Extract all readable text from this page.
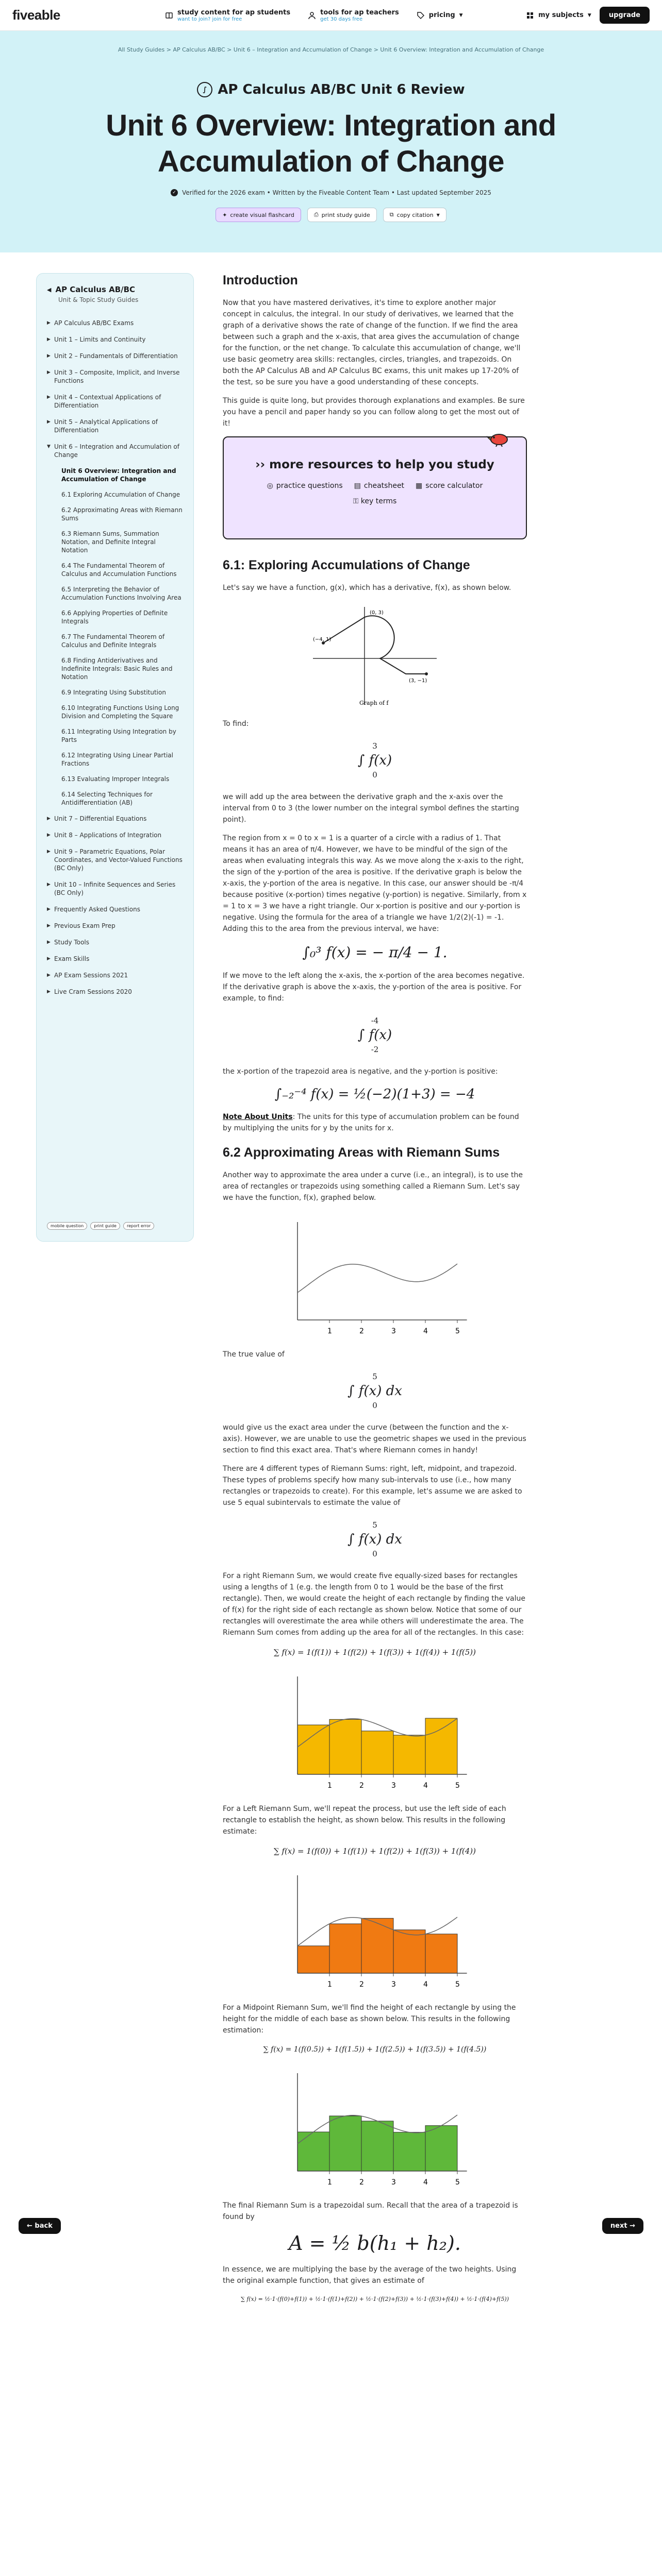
fiveable	study content for ap students
want to join? join for free
tools for ap teachers
get 30 days free	pricing ▼	my subjects ▼	upgrade
All Study Guides > AP Calculus AB/BC > Unit 6 – Integration and Accumulation of Change > Unit 6 Overview: Integration and Accumulation of Change
∫ AP Calculus AB/BC Unit 6 Review
Unit 6 Overview: Integration and
Accumulation of Change
✓ Verified for the 2026 exam • Written by the Fiveable Content Team • Last updated September 2025
✦ create visual flashcard	⎙ print study guide	⧉ copy citation ▼
◀ AP Calculus AB/BC
Unit & Topic Study Guides
▶ AP Calculus AB/BC Exams
▶ Unit 1 – Limits and Continuity
▶ Unit 2 – Fundamentals of Differentiation
▶ Unit 3 – Composite, Implicit, and Inverse Functions
▶ Unit 4 – Contextual Applications of Differentiation
▶ Unit 5 – Analytical Applications of Differentiation
▼ Unit 6 – Integration and Accumulation of Change
Unit 6 Overview: Integration and Accumulation of Change
6.1 Exploring Accumulation of Change
6.2 Approximating Areas with Riemann Sums
6.3 Riemann Sums, Summation Notation, and Definite Integral Notation
6.4 The Fundamental Theorem of Calculus and Accumulation Functions
6.5 Interpreting the Behavior of Accumulation Functions Involving Area
6.6 Applying Properties of Definite Integrals
6.7 The Fundamental Theorem of Calculus and Definite Integrals
6.8 Finding Antiderivatives and Indefinite Integrals: Basic Rules and Notation
6.9 Integrating Using Substitution
6.10 Integrating Functions Using Long Division and Completing the Square
6.11 Integrating Using Integration by Parts
6.12 Integrating Using Linear Partial Fractions
6.13 Evaluating Improper Integrals
6.14 Selecting Techniques for Antidifferentiation (AB)
▶ Unit 7 – Differential Equations
▶ Unit 8 – Applications of Integration
▶ Unit 9 – Parametric Equations, Polar Coordinates, and Vector-Valued Functions (BC Only)
▶ Unit 10 – Infinite Sequences and Series (BC Only)
▶ Frequently Asked Questions
▶ Previous Exam Prep
▶ Study Tools
▶ Exam Skills
▶ AP Exam Sessions 2021
▶ Live Cram Sessions 2020
mobile question	print guide	report error
Introduction

Now that you have mastered derivatives, it's time to explore another major concept in calculus, the integral. In our study of derivatives, we learned that the graph of a derivative shows the rate of change of the function. If we find the area between such a graph and the x-axis, that area gives the accumulation of change for the function, or the net change. To calculate this accumulation of change, we'll use basic geometry area skills: rectangles, circles, triangles, and trapezoids. On both the AP Calculus AB and AP Calculus BC exams, this unit makes up 17-20% of the test, so be sure you have a good understanding of these concepts.

This guide is quite long, but provides thorough explanations and examples. Be sure you have a pencil and paper handy so you can follow along to get the most out of it!

›› more resources to help you study
◎ practice questions ▤ cheatsheet ▦ score calculator
⚿ key terms
6.1: Exploring Accumulations of Change

Let's say we have a function, g(x), which has a derivative, f(x), as shown below.

(0, 3)
(−4, 1)
(3, −1)
Graph of f

To find:

3
∫ f(x)
0

we will add up the area between the derivative graph and the x-axis over the interval from 0 to 3 (the lower number on the integral symbol defines the starting point).

The region from x = 0 to x = 1 is a quarter of a circle with a radius of 1. That means it has an area of π/4. However, we have to be mindful of the sign of the areas when evaluating integrals this way. As we move along the x-axis to the right, the sign of the y-portion of the area is positive. If the derivative graph is below the x-axis, the y-portion of the area is negative. In this case, our answer should be -π/4 because positive (x-portion) times negative (y-portion) is negative. Similarly, from x = 1 to x = 3 we have a right triangle. Our x-portion is positive and our y-portion is negative. Using the formula for the area of a triangle we have 1/2(2)(-1) = -1. Adding this to the area from the previous interval, we have:

∫₀³ f(x) = − π/4 − 1.

If we move to the left along the x-axis, the x-portion of the area becomes negative. If the derivative graph is above the x-axis, the y-portion of the area is positive. For example, to find:

-4
∫ f(x)
-2

the x-portion of the trapezoid area is negative, and the y-portion is positive:

∫₋₂⁻⁴ f(x) = ½(−2)(1+3) = −4

Note About Units: The units for this type of accumulation problem can be found by multiplying the units for y by the units for x.

6.2 Approximating Areas with Riemann Sums

Another way to approximate the area under a curve (i.e., an integral), is to use the area of rectangles or trapezoids using something called a Riemann Sum. Let's say we have the function, f(x), graphed below.

1	2	3	4	5

The true value of

5
∫ f(x) dx
0

would give us the exact area under the curve (between the function and the x-axis). However, we are unable to use the geometric shapes we used in the previous section to find this exact area. That's where Riemann comes in handy!

There are 4 different types of Riemann Sums: right, left, midpoint, and trapezoid. These types of problems specify how many sub-intervals to use (i.e., how many rectangles or trapezoids to create). For this example, let's assume we are asked to use 5 equal subintervals to estimate the value of

5
∫ f(x) dx
0

For a right Riemann Sum, we would create five equally-sized bases for rectangles using a lengths of 1 (e.g. the length from 0 to 1 would be the base of the first rectangle). Then, we would create the height of each rectangle by finding the value of f(x) for the right side of each rectangle as shown below. Notice that some of our rectangles will overestimate the area while others will underestimate the area. The Riemann Sum comes from adding up the area for all of the rectangles. In this case:

∑ f(x) = 1(f(1)) + 1(f(2)) + 1(f(3)) + 1(f(4)) + 1(f(5))
1	2	3	4	5

For a Left Riemann Sum, we'll repeat the process, but use the left side of each rectangle to establish the height, as shown below. This results in the following estimate:

∑ f(x) = 1(f(0)) + 1(f(1)) + 1(f(2)) + 1(f(3)) + 1(f(4))
1	2	3	4	5

For a Midpoint Riemann Sum, we'll find the height of each rectangle by using the height for the middle of each base as shown below. This results in the following estimation:

∑ f(x) = 1(f(0.5)) + 1(f(1.5)) + 1(f(2.5)) + 1(f(3.5)) + 1(f(4.5))
1	2	3	4	5

The final Riemann Sum is a trapezoidal sum. Recall that the area of a trapezoid is found by

A = ½ b(h₁ + h₂).

In essence, we are multiplying the base by the average of the two heights. Using the original example function, that gives an estimate of

∑ f(x) = ½·1·(f(0)+f(1)) + ½·1·(f(1)+f(2)) + ½·1·(f(2)+f(3)) + ½·1·(f(3)+f(4)) + ½·1·(f(4)+f(5))
← back	next →
